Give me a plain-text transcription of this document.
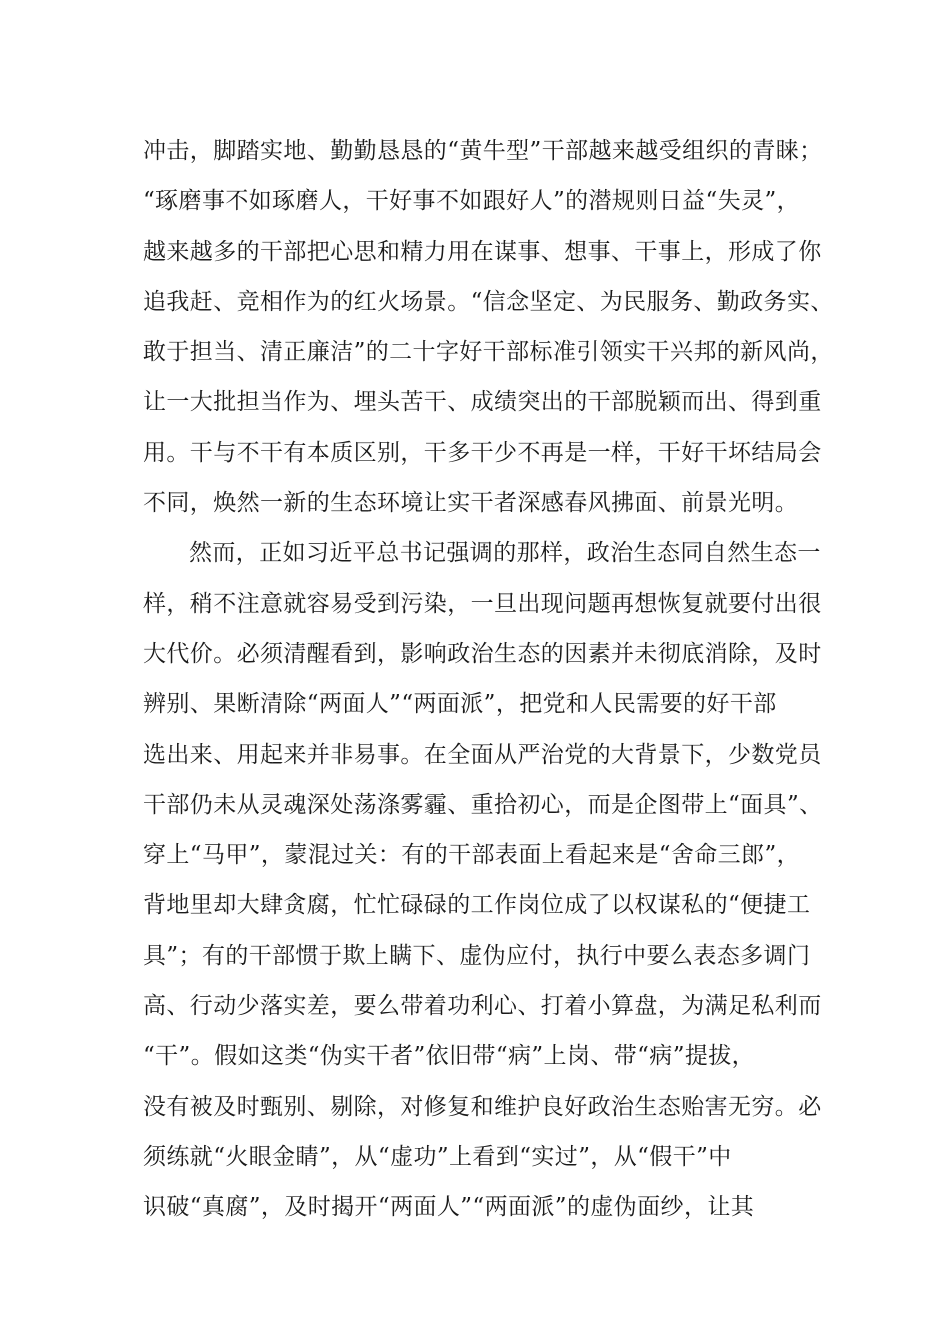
冲击，脚踏实地、勤勤恳恳的“黄牛型”干部越来越受组织的青睐；
“琢磨事不如琢磨人，干好事不如跟好人”的潜规则日益“失灵”，
越来越多的干部把心思和精力用在谋事、想事、干事上，形成了你
追我赶、竞相作为的红火场景。“信念坚定、为民服务、勤政务实、
敢于担当、清正廉洁”的二十字好干部标准引领实干兴邦的新风尚，
让一大批担当作为、埋头苦干、成绩突出的干部脱颖而出、得到重
用。干与不干有本质区别，干多干少不再是一样，干好干坏结局会
不同，焕然一新的生态环境让实干者深感春风拂面、前景光明。
然而，正如习近平总书记强调的那样，政治生态同自然生态一
样，稍不注意就容易受到污染，一旦出现问题再想恢复就要付出很
大代价。必须清醒看到，影响政治生态的因素并未彻底消除，及时
辨别、果断清除“两面人”“两面派”，把党和人民需要的好干部
选出来、用起来并非易事。在全面从严治党的大背景下，少数党员
干部仍未从灵魂深处荡涤雾霾、重拾初心，而是企图带上“面具”、
穿上“马甲”，蒙混过关：有的干部表面上看起来是“舍命三郎”，
背地里却大肆贪腐，忙忙碌碌的工作岗位成了以权谋私的“便捷工
具”；有的干部惯于欺上瞒下、虚伪应付，执行中要么表态多调门
高、行动少落实差，要么带着功利心、打着小算盘，为满足私利而
“干”。假如这类“伪实干者”依旧带“病”上岗、带“病”提拔，
没有被及时甄别、剔除，对修复和维护良好政治生态贻害无穷。必
须练就“火眼金睛”，从“虚功”上看到“实过”，从“假干”中
识破“真腐”，及时揭开“两面人”“两面派”的虚伪面纱，让其
